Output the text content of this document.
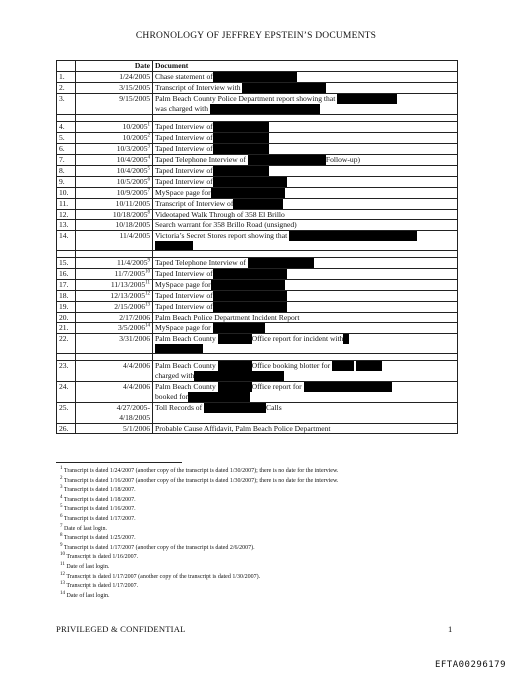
CHRONOLOGY OF JEFFREY EPSTEIN’S DOCUMENTS
	Date	Document
1.	1/24/2005	Chase statement of
2.	3/15/2005	Transcript of Interview with
3.	9/15/2005	Palm Beach County Police Department report showing that
was charged with

4.	10/2005$^1$	Taped Interview of
5.	10/2005$^2$	Taped Interview of
6.	10/3/2005$^3$	Taped Interview of
7.	10/4/2005$^4$	Taped Telephone Interview of Follow-up)
8.	10/4/2005$^5$	Taped Interview of
9.	10/5/2005$^6$	Taped Interview of
10.	10/9/2005$^7$	MySpace page for
11.	10/11/2005	Transcript of Interview of
12.	10/18/2005$^8$	Videotaped Walk Through of 358 El Brillo
13.	10/18/2005	Search warrant for 358 Brillo Road (unsigned)
14.	11/4/2005	Victoria’s Secret Stores report showing that

15.	11/4/2005$^9$	Taped Telephone Interview of
16.	11/7/2005$^{10}$	Taped Interview of
17.	11/13/2005$^{11}$	MySpace page for
18.	12/13/2005$^{12}$	Taped Interview of
19.	2/15/2006$^{13}$	Taped Interview of
20.	2/17/2006	Palm Beach Police Department Incident Report
21.	3/5/2006$^{14}$	MySpace page for
22.	3/31/2006	Palm Beach County Office report for incident with

23.	4/4/2006	Palm Beach County Office booking blotter for
charged with
24.	4/4/2006	Palm Beach County Office report for
booked for
25.	4/27/2005-
4/18/2005	Toll Records of Calls
26.	5/1/2006	Probable Cause Affidavit, Palm Beach Police Department
$^1$ Transcript is dated 1/24/2007 (another copy of the transcript is dated 1/30/2007); there is no date for the interview.
$^2$ Transcript is dated 1/16/2007 (another copy of the transcript is dated 1/30/2007); there is no date for the interview.
$^3$ Transcript is dated 1/18/2007.
$^4$ Transcript is dated 1/18/2007.
$^5$ Transcript is dated 1/16/2007.
$^6$ Transcript is dated 1/17/2007.
$^7$ Date of last login.
$^8$ Transcript is dated 1/25/2007.
$^9$ Transcript is dated 1/17/2007 (another copy of the transcript is dated 2/6/2007).
$^{10}$ Transcript is dated 1/16/2007.
$^{11}$ Date of last login.
$^{12}$ Transcript is dated 1/17/2007 (another copy of the transcript is dated 1/30/2007).
$^{13}$ Transcript is dated 1/17/2007.
$^{14}$ Date of last login.
PRIVILEGED & CONFIDENTIAL	1
EFTA00296179
